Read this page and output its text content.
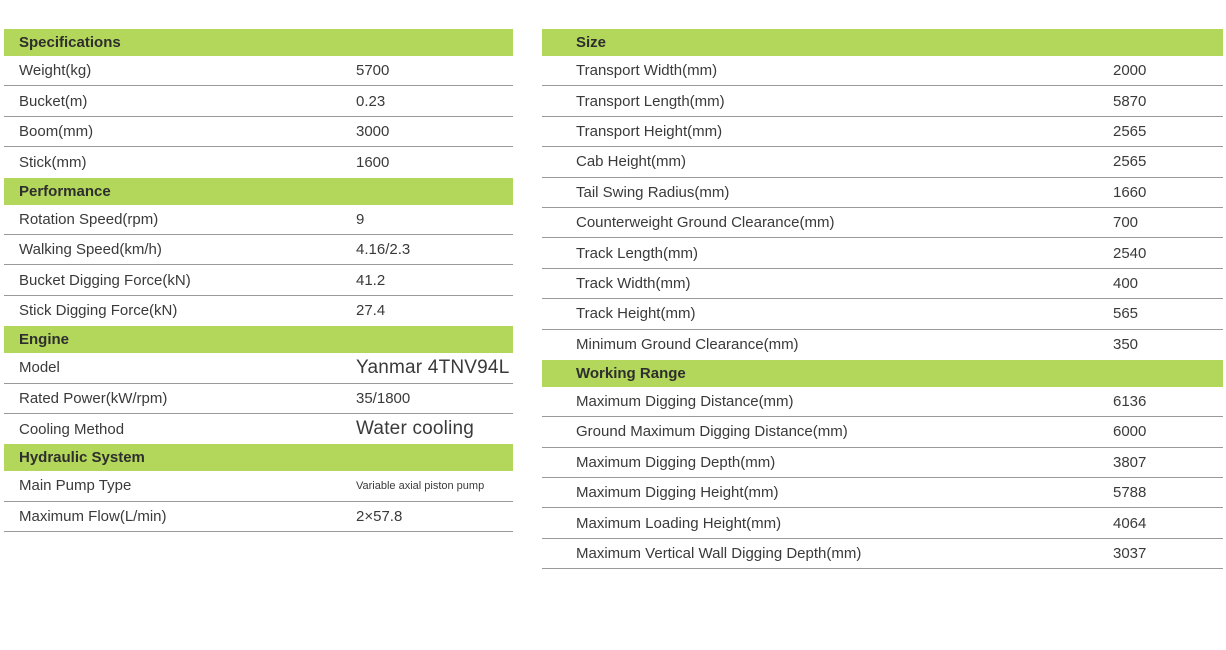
Specifications
Weight(kg)	5700
Bucket(m)	0.23
Boom(mm)	3000
Stick(mm)	1600
Performance
Rotation Speed(rpm)	9
Walking Speed(km/h)	4.16/2.3
Bucket Digging Force(kN)	41.2
Stick Digging Force(kN)	27.4
Engine
Model	Yanmar 4TNV94L
Rated Power(kW/rpm)	35/1800
Cooling Method	Water cooling
Hydraulic System
Main Pump Type	Variable axial piston pump
Maximum Flow(L/min)	2×57.8
Size
Transport Width(mm)	2000
Transport Length(mm)	5870
Transport Height(mm)	2565
Cab Height(mm)	2565
Tail Swing Radius(mm)	1660
Counterweight Ground Clearance(mm)	700
Track Length(mm)	2540
Track Width(mm)	400
Track Height(mm)	565
Minimum Ground Clearance(mm)	350
Working Range
Maximum Digging Distance(mm)	6136
Ground Maximum Digging Distance(mm)	6000
Maximum Digging Depth(mm)	3807
Maximum Digging Height(mm)	5788
Maximum Loading Height(mm)	4064
Maximum Vertical Wall Digging Depth(mm)	3037
